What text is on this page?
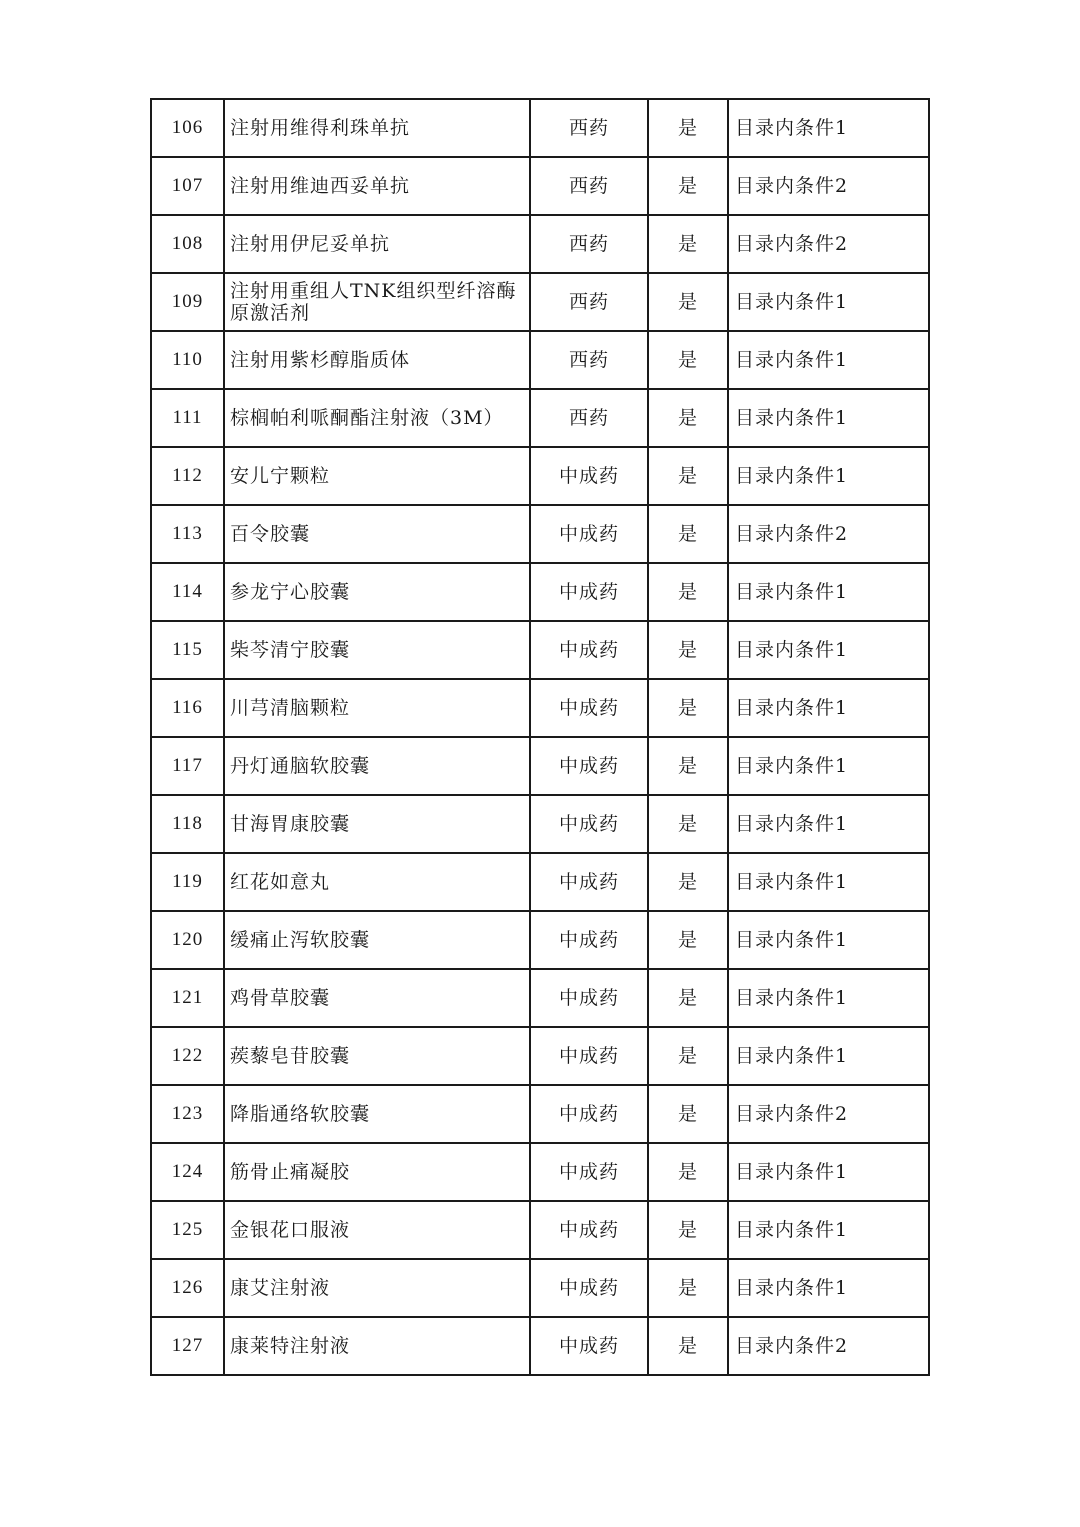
106	注射用维得利珠单抗	西药	是	目录内条件1
107	注射用维迪西妥单抗	西药	是	目录内条件2
108	注射用伊尼妥单抗	西药	是	目录内条件2
109	注射用重组人TNK组织型纤溶酶原激活剂	西药	是	目录内条件1
110	注射用紫杉醇脂质体	西药	是	目录内条件1
111	棕榈帕利哌酮酯注射液（3M）	西药	是	目录内条件1
112	安儿宁颗粒	中成药	是	目录内条件1
113	百令胶囊	中成药	是	目录内条件2
114	参龙宁心胶囊	中成药	是	目录内条件1
115	柴芩清宁胶囊	中成药	是	目录内条件1
116	川芎清脑颗粒	中成药	是	目录内条件1
117	丹灯通脑软胶囊	中成药	是	目录内条件1
118	甘海胃康胶囊	中成药	是	目录内条件1
119	红花如意丸	中成药	是	目录内条件1
120	缓痛止泻软胶囊	中成药	是	目录内条件1
121	鸡骨草胶囊	中成药	是	目录内条件1
122	蒺藜皂苷胶囊	中成药	是	目录内条件1
123	降脂通络软胶囊	中成药	是	目录内条件2
124	筋骨止痛凝胶	中成药	是	目录内条件1
125	金银花口服液	中成药	是	目录内条件1
126	康艾注射液	中成药	是	目录内条件1
127	康莱特注射液	中成药	是	目录内条件2
